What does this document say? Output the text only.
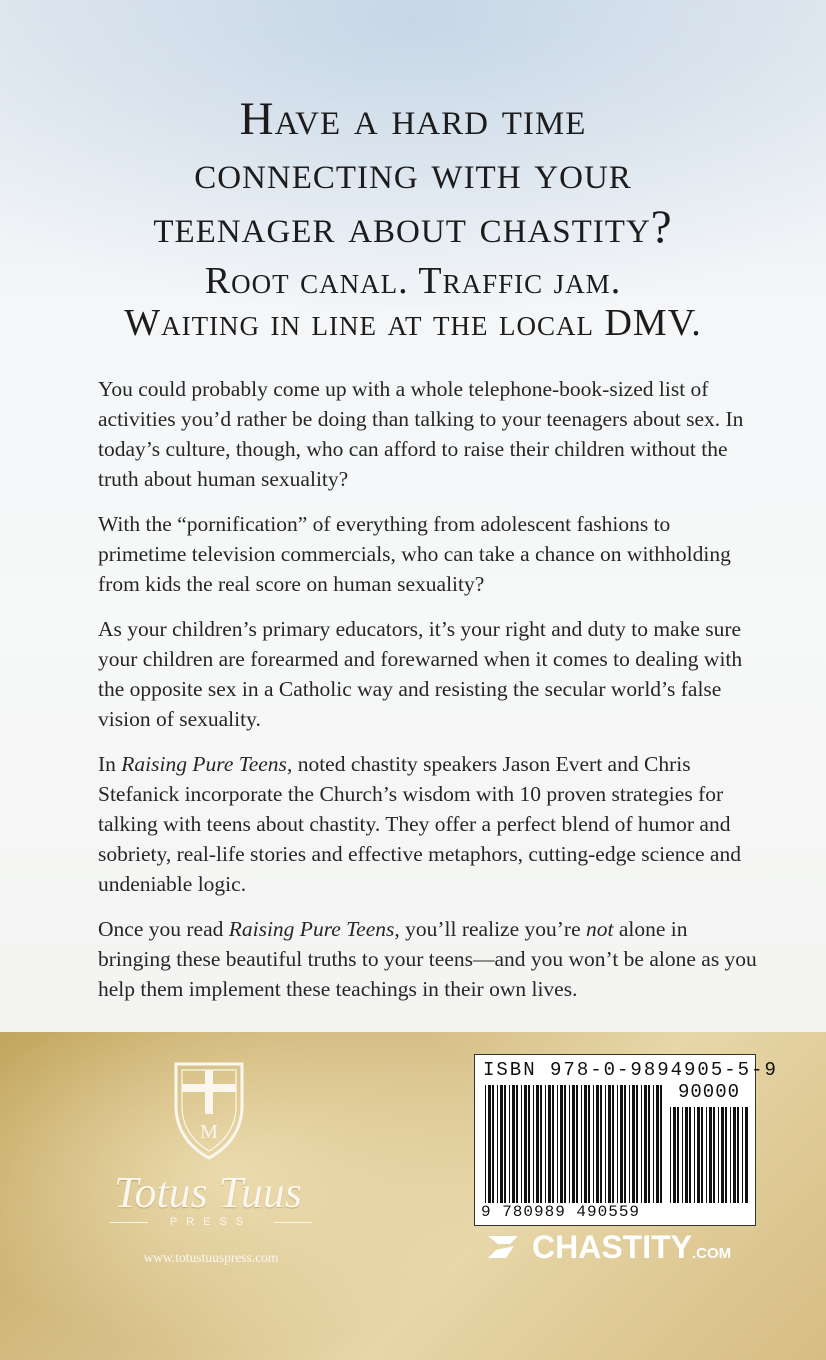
Have a hard time
connecting with your
teenager about chastity?
Root canal. Traffic jam.
Waiting in line at the local DMV.

You could probably come up with a whole telephone-book-sized list of activities you’d rather be doing than talking to your teenagers about sex. In today’s culture, though, who can afford to raise their children without the truth about human sexuality?

With the “pornification” of everything from adolescent fashions to primetime television commercials, who can take a chance on withholding from kids the real score on human sexuality?

As your children’s primary educators, it’s your right and duty to make sure your children are forearmed and forewarned when it comes to dealing with the opposite sex in a Catholic way and resisting the secular world’s false vision of sexuality.

In Raising Pure Teens, noted chastity speakers Jason Evert and Chris Stefanick incorporate the Church’s wisdom with 10 proven strategies for talking with teens about chastity. They offer a perfect blend of humor and sobriety, real-life stories and effective metaphors, cutting-edge science and undeniable logic.

Once you read Raising Pure Teens, you’ll realize you’re not alone in bringing these beautiful truths to your teens—and you won’t be alone as you help them implement these teachings in their own lives.

M
Totus Tuus
PRESS
www.totustuuspress.com
ISBN 978-0-9894905-5-9
90000
9 780989 490559
CHASTITY.COM
